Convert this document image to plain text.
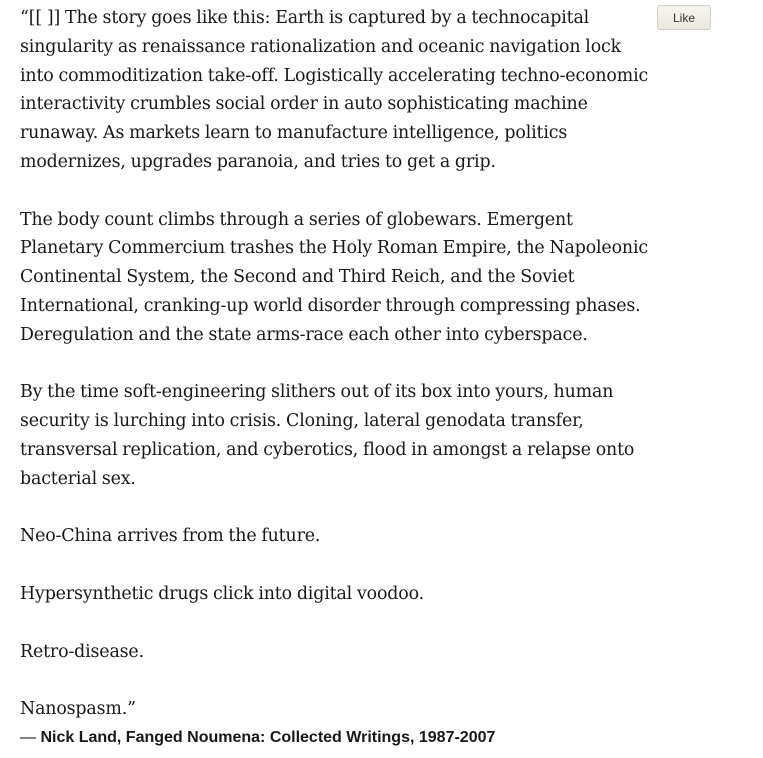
“[[ ]] The story goes like this: Earth is captured by a technocapital singularity as renaissance rationalization and oceanic navigation lock into commoditization take-off. Logistically accelerating techno-economic interactivity crumbles social order in auto sophisticating machine runaway. As markets learn to manufacture intelligence, politics modernizes, upgrades paranoia, and tries to get a grip.

The body count climbs through a series of globewars. Emergent Planetary Commercium trashes the Holy Roman Empire, the Napoleonic Continental System, the Second and Third Reich, and the Soviet International, cranking-up world disorder through compressing phases. Deregulation and the state arms-race each other into cyberspace.

By the time soft-engineering slithers out of its box into yours, human security is lurching into crisis. Cloning, lateral genodata transfer, transversal replication, and cyberotics, flood in amongst a relapse onto bacterial sex.

Neo-China arrives from the future.

Hypersynthetic drugs click into digital voodoo.

Retro-disease.

Nanospasm.”

― Nick Land, Fanged Noumena: Collected Writings, 1987-2007
Like
